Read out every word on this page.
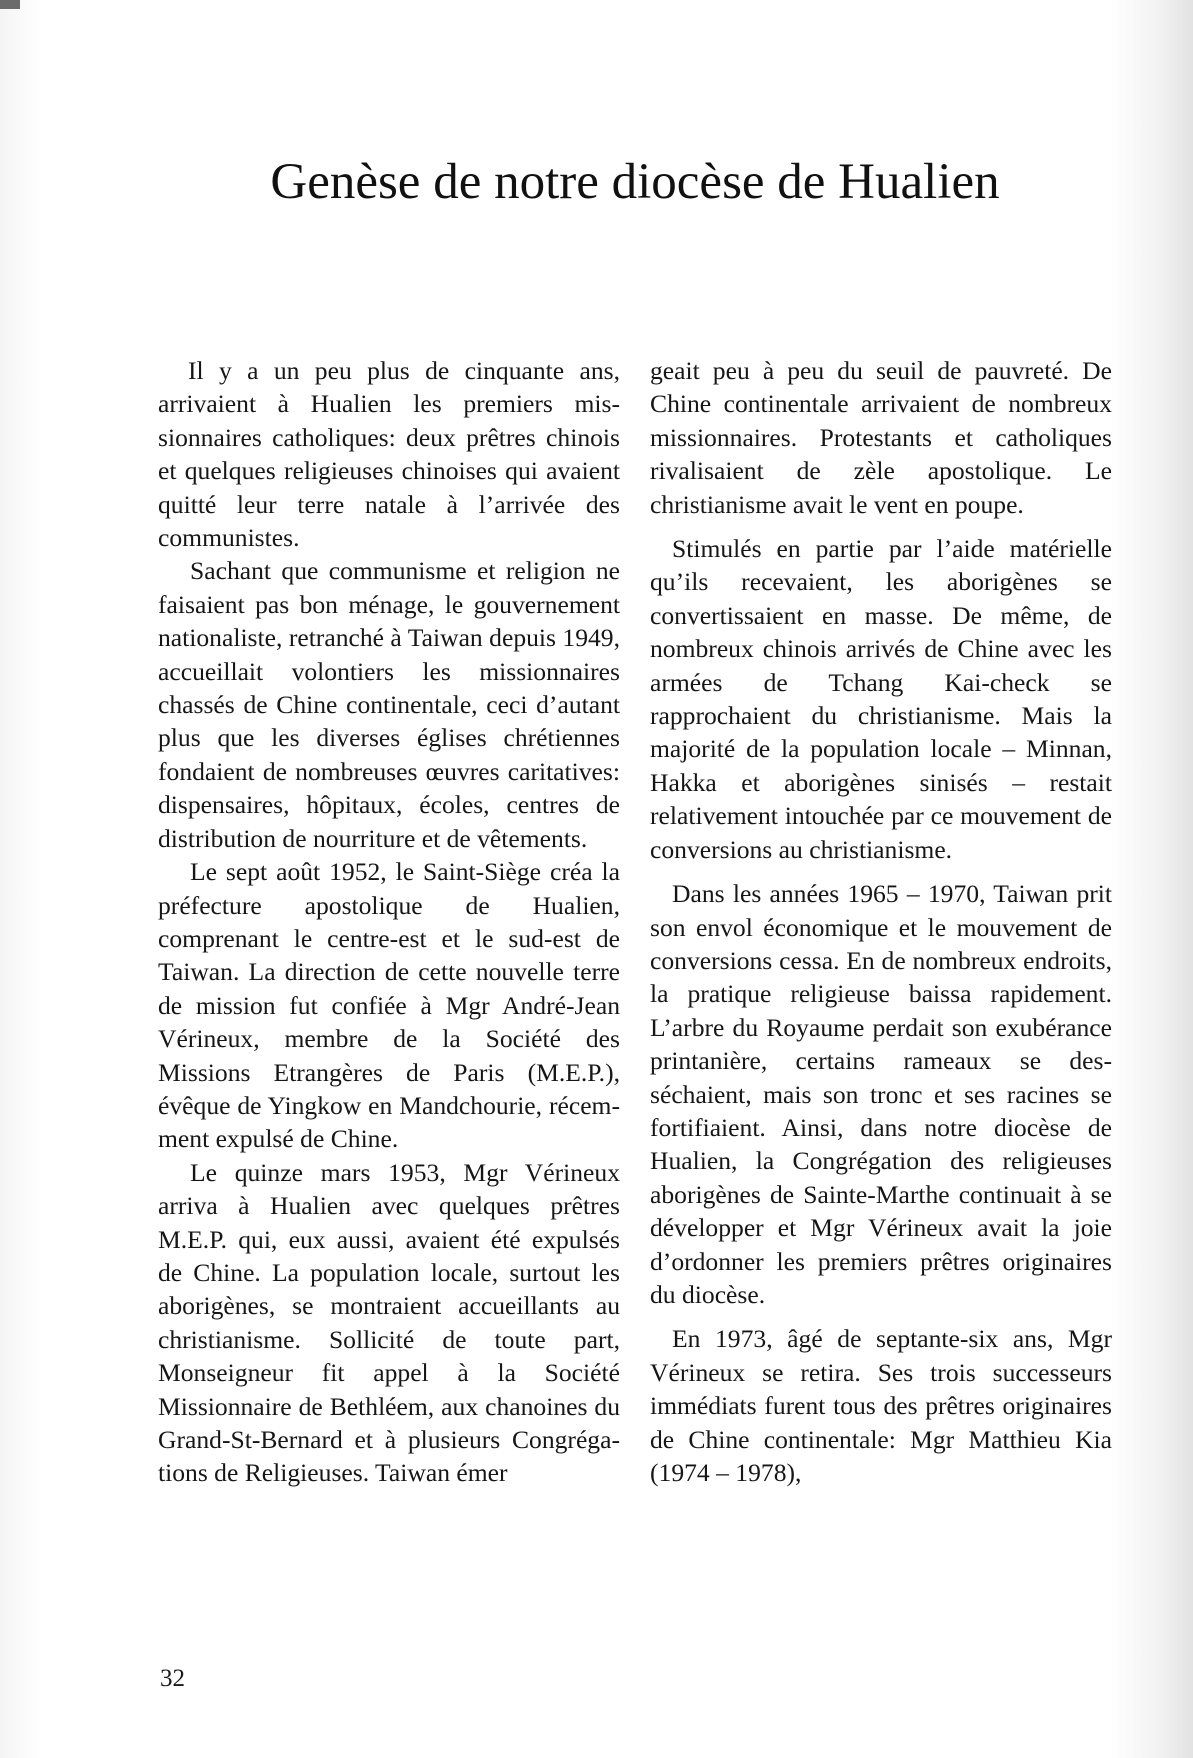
Genèse de notre diocèse de Hualien

Il y a un peu plus de cinquante ans, arrivaient à Hualien les premiers missionnaires catholiques: deux prêtres chinois et quelques religieuses chinoises qui avaient quitté leur terre natale à l’arrivée des communistes.

Sachant que communisme et religion ne faisaient pas bon ménage, le gouvernement nationaliste, retranché à Taiwan depuis 1949, accueillait volontiers les missionnaires chassés de Chine continentale, ceci d’autant plus que les diverses églises chrétiennes fondaient de nombreuses œuvres caritatives: dispensaires, hôpitaux, écoles, centres de distribution de nourriture et de vêtements.

Le sept août 1952, le Saint-Siège créa la préfecture apostolique de Hualien, comprenant le centre-est et le sud-est de Taiwan. La direction de cette nouvelle terre de mission fut confiée à Mgr André-Jean Vérineux, membre de la Société des Missions Etrangères de Paris (M.E.P.), évêque de Yingkow en Mandchourie, récemment expulsé de Chine.

Le quinze mars 1953, Mgr Vérineux arriva à Hualien avec quelques prêtres M.E.P. qui, eux aussi, avaient été expulsés de Chine. La population locale, surtout les aborigènes, se montraient accueillants au christianisme. Sollicité de toute part, Monseigneur fit appel à la Société Missionnaire de Bethléem, aux chanoines du Grand-St-Bernard et à plusieurs Congrégations de Religieuses. Taiwan émer

geait peu à peu du seuil de pauvreté. De Chine continentale arrivaient de nombreux missionnaires. Protestants et catholiques rivalisaient de zèle apostolique. Le christianisme avait le vent en poupe.

Stimulés en partie par l’aide matérielle qu’ils recevaient, les aborigènes se convertissaient en masse. De même, de nombreux chinois arrivés de Chine avec les armées de Tchang Kai-check se rapprochaient du christianisme. Mais la majorité de la population locale – Minnan, Hakka et aborigènes sinisés – restait relativement intouchée par ce mouvement de conversions au christianisme.

Dans les années 1965 – 1970, Taiwan prit son envol économique et le mouvement de conversions cessa. En de nombreux endroits, la pratique religieuse baissa rapidement. L’arbre du Royaume perdait son exubérance printanière, certains rameaux se desséchaient, mais son tronc et ses racines se fortifiaient. Ainsi, dans notre diocèse de Hualien, la Congrégation des religieuses aborigènes de Sainte-Marthe continuait à se développer et Mgr Vérineux avait la joie d’ordonner les premiers prêtres originaires du diocèse.

En 1973, âgé de septante-six ans, Mgr Vérineux se retira. Ses trois successeurs immédiats furent tous des prêtres originaires de Chine continentale: Mgr Matthieu Kia (1974 – 1978),

32
